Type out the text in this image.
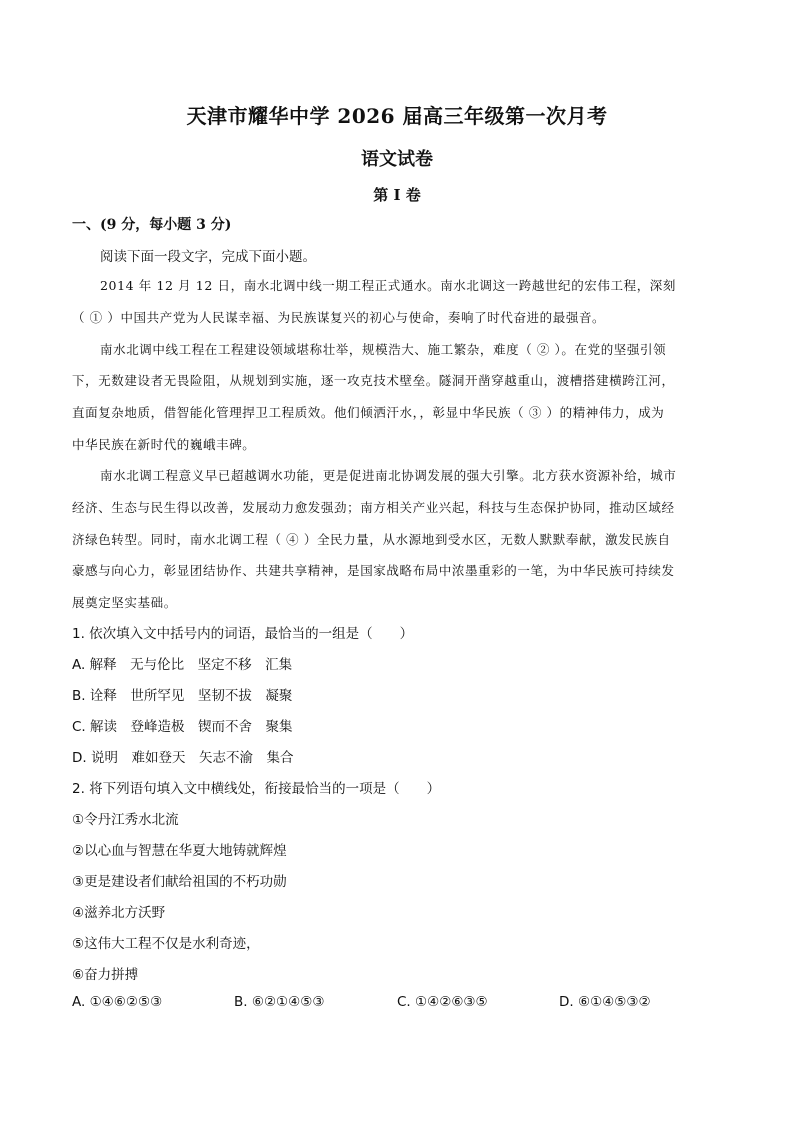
天津市耀华中学 2026 届高三年级第一次月考
语文试卷
第 I 卷
一、(9 分，每小题 3 分)
阅读下面一段文字，完成下面小题。
2014 年 12 月 12 日，南水北调中线一期工程正式通水。南水北调这一跨越世纪的宏伟工程，深刻
（ ① ）中国共产党为人民谋幸福、为民族谋复兴的初心与使命，奏响了时代奋进的最强音。
南水北调中线工程在工程建设领域堪称壮举，规模浩大、施工繁杂，难度（ ② ）。在党的坚强引领
下，无数建设者无畏险阻，从规划到实施，逐一攻克技术壁垒。隧洞开凿穿越重山，渡槽搭建横跨江河，
直面复杂地质，借智能化管理捍卫工程质效。他们倾洒汗水，，彰显中华民族（ ③ ）的精神伟力，成为
中华民族在新时代的巍峨丰碑。
南水北调工程意义早已超越调水功能，更是促进南北协调发展的强大引擎。北方获水资源补给，城市
经济、生态与民生得以改善，发展动力愈发强劲；南方相关产业兴起，科技与生态保护协同，推动区域经
济绿色转型。同时，南水北调工程（ ④ ）全民力量，从水源地到受水区，无数人默默奉献，激发民族自
豪感与向心力，彰显团结协作、共建共享精神，是国家战略布局中浓墨重彩的一笔，为中华民族可持续发
展奠定坚实基础。
1. 依次填入文中括号内的词语，最恰当的一组是（　　）
A. 解释　无与伦比　坚定不移　汇集
B. 诠释　世所罕见　坚韧不拔　凝聚
C. 解读　登峰造极　锲而不舍　聚集
D. 说明　难如登天　矢志不渝　集合
2. 将下列语句填入文中横线处，衔接最恰当的一项是（　　）
①令丹江秀水北流
②以心血与智慧在华夏大地铸就辉煌
③更是建设者们献给祖国的不朽功勋
④滋养北方沃野
⑤这伟大工程不仅是水利奇迹，
⑥奋力拼搏
A. ①④⑥②⑤③	B. ⑥②①④⑤③	C. ①④②⑥③⑤	D. ⑥①④⑤③②
